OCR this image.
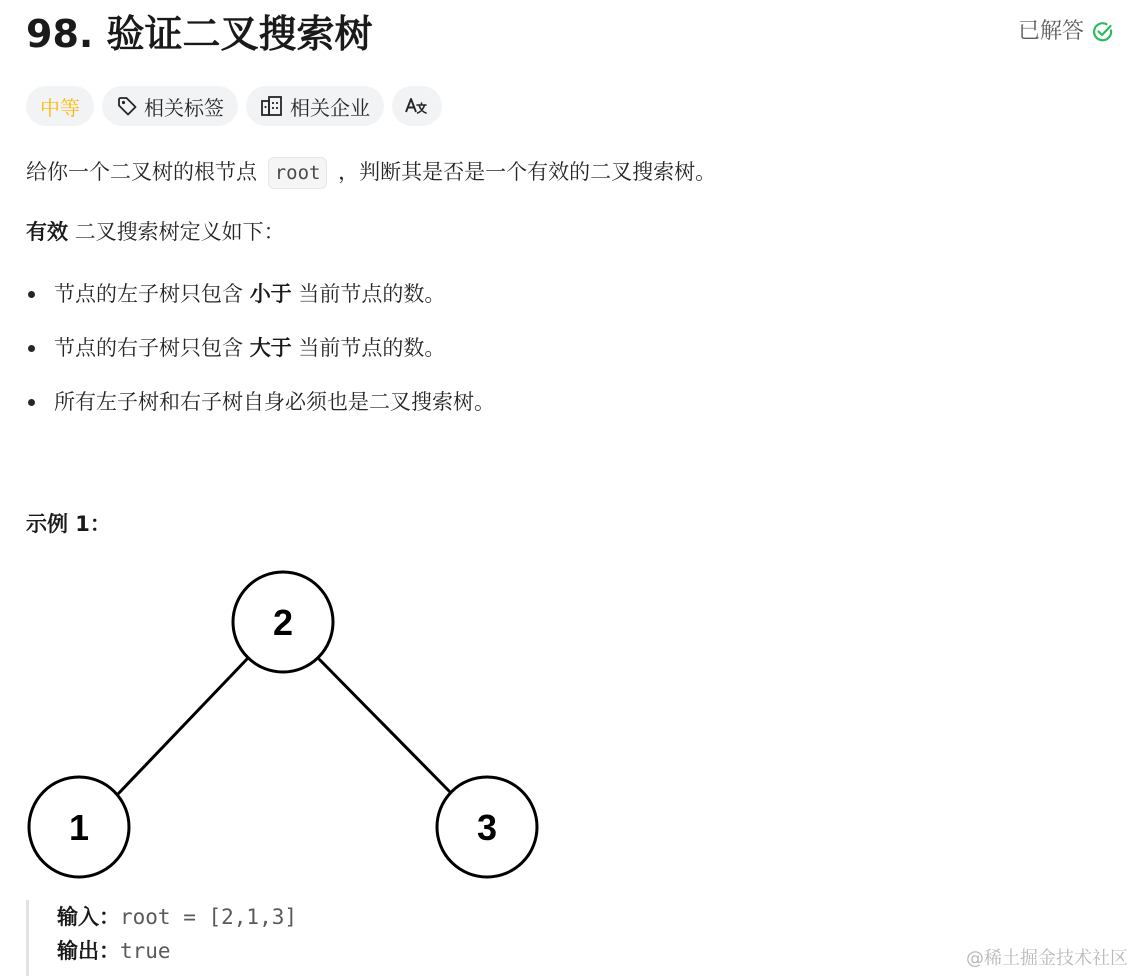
98. 验证二叉搜索树	已解答
中等	相关标签	相关企业
给你一个二叉树的根节点 root ，判断其是否是一个有效的二叉搜索树。
有效 二叉搜索树定义如下：
节点的左子树只包含 小于 当前节点的数。
节点的右子树只包含 大于 当前节点的数。
所有左子树和右子树自身必须也是二叉搜索树。
示例 1：
2
1	3
输入：root = [2,1,3]
输出：true	@稀土掘金技术社区
